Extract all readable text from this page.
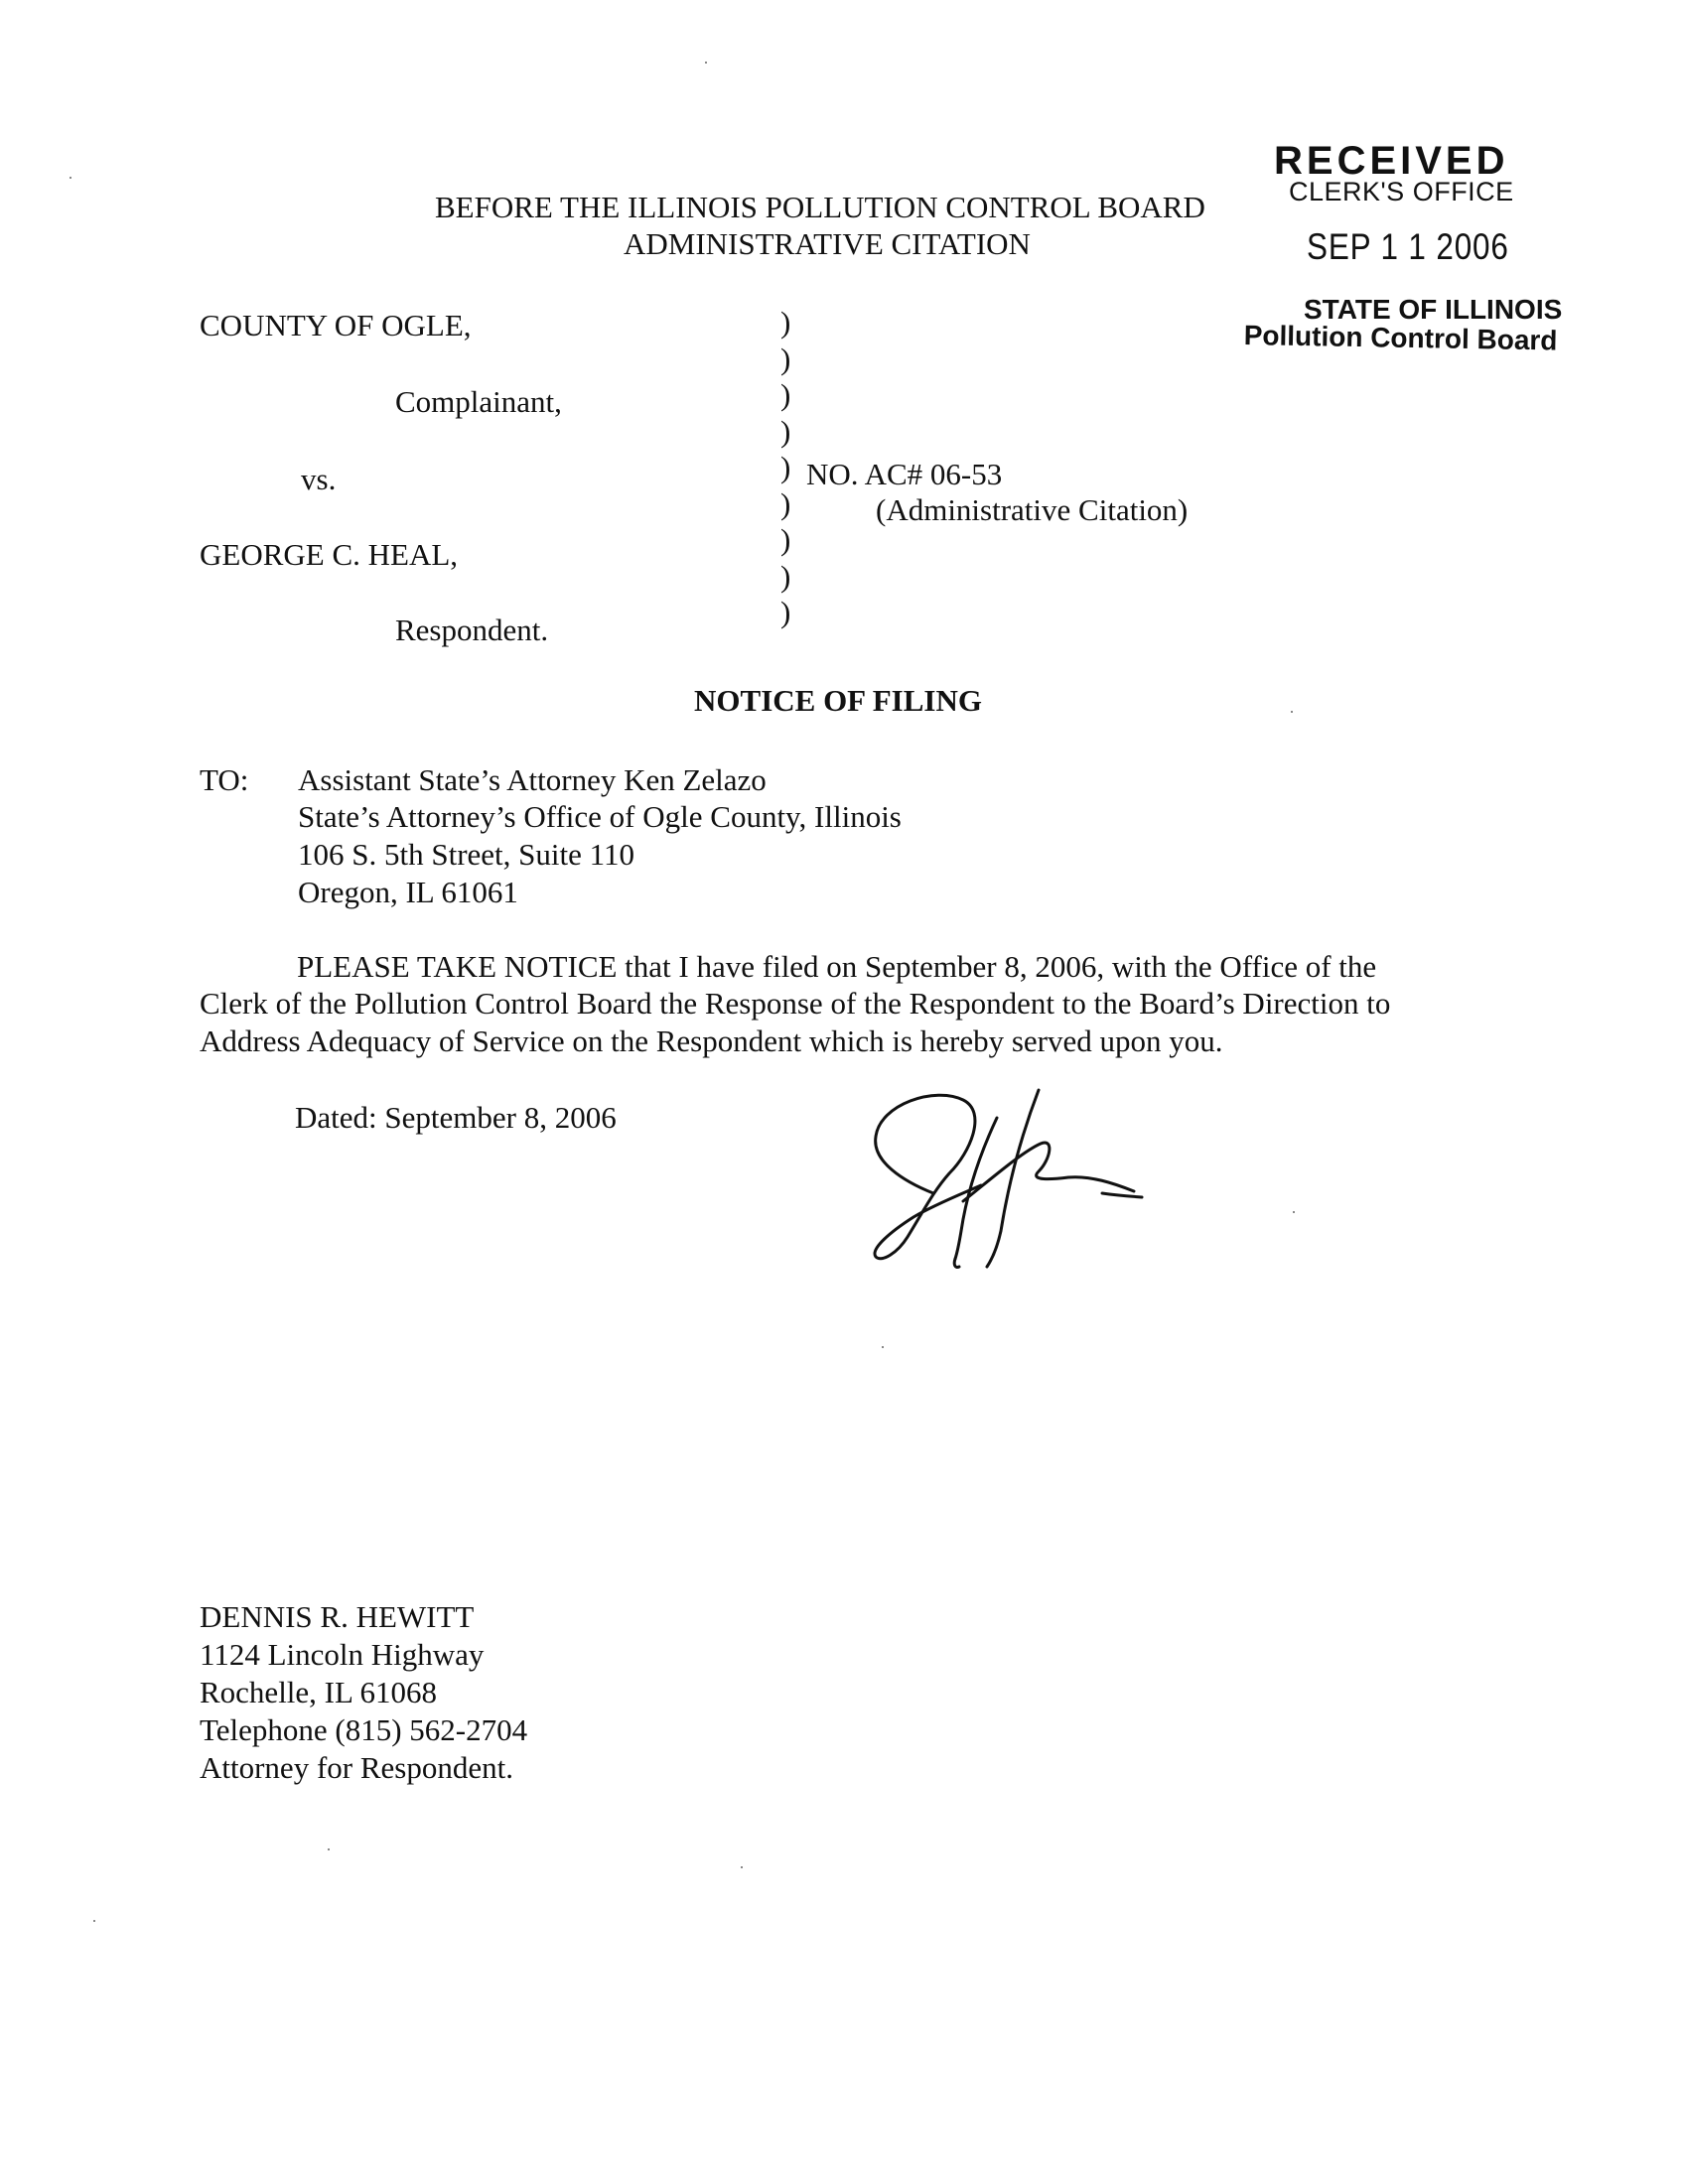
RECEIVED
CLERK'S OFFICE
SEP 1 1 2006
STATE OF ILLINOIS
Pollution Control Board
BEFORE THE ILLINOIS POLLUTION CONTROL BOARD
ADMINISTRATIVE CITATION
COUNTY OF OGLE,
Complainant,
vs.
GEORGE C. HEAL,
Respondent.
)
)
)
)
)
)
)
)
)
NO. AC# 06-53
(Administrative Citation)
NOTICE OF FILING
TO: Assistant State’s Attorney Ken Zelazo
State’s Attorney’s Office of Ogle County, Illinois
106 S. 5th Street, Suite 110
Oregon, IL 61061
PLEASE TAKE NOTICE that I have filed on September 8, 2006, with the Office of the
Clerk of the Pollution Control Board the Response of the Respondent to the Board’s Direction to
Address Adequacy of Service on the Respondent which is hereby served upon you.
Dated: September 8, 2006
DENNIS R. HEWITT
1124 Lincoln Highway
Rochelle, IL 61068
Telephone (815) 562-2704
Attorney for Respondent.
